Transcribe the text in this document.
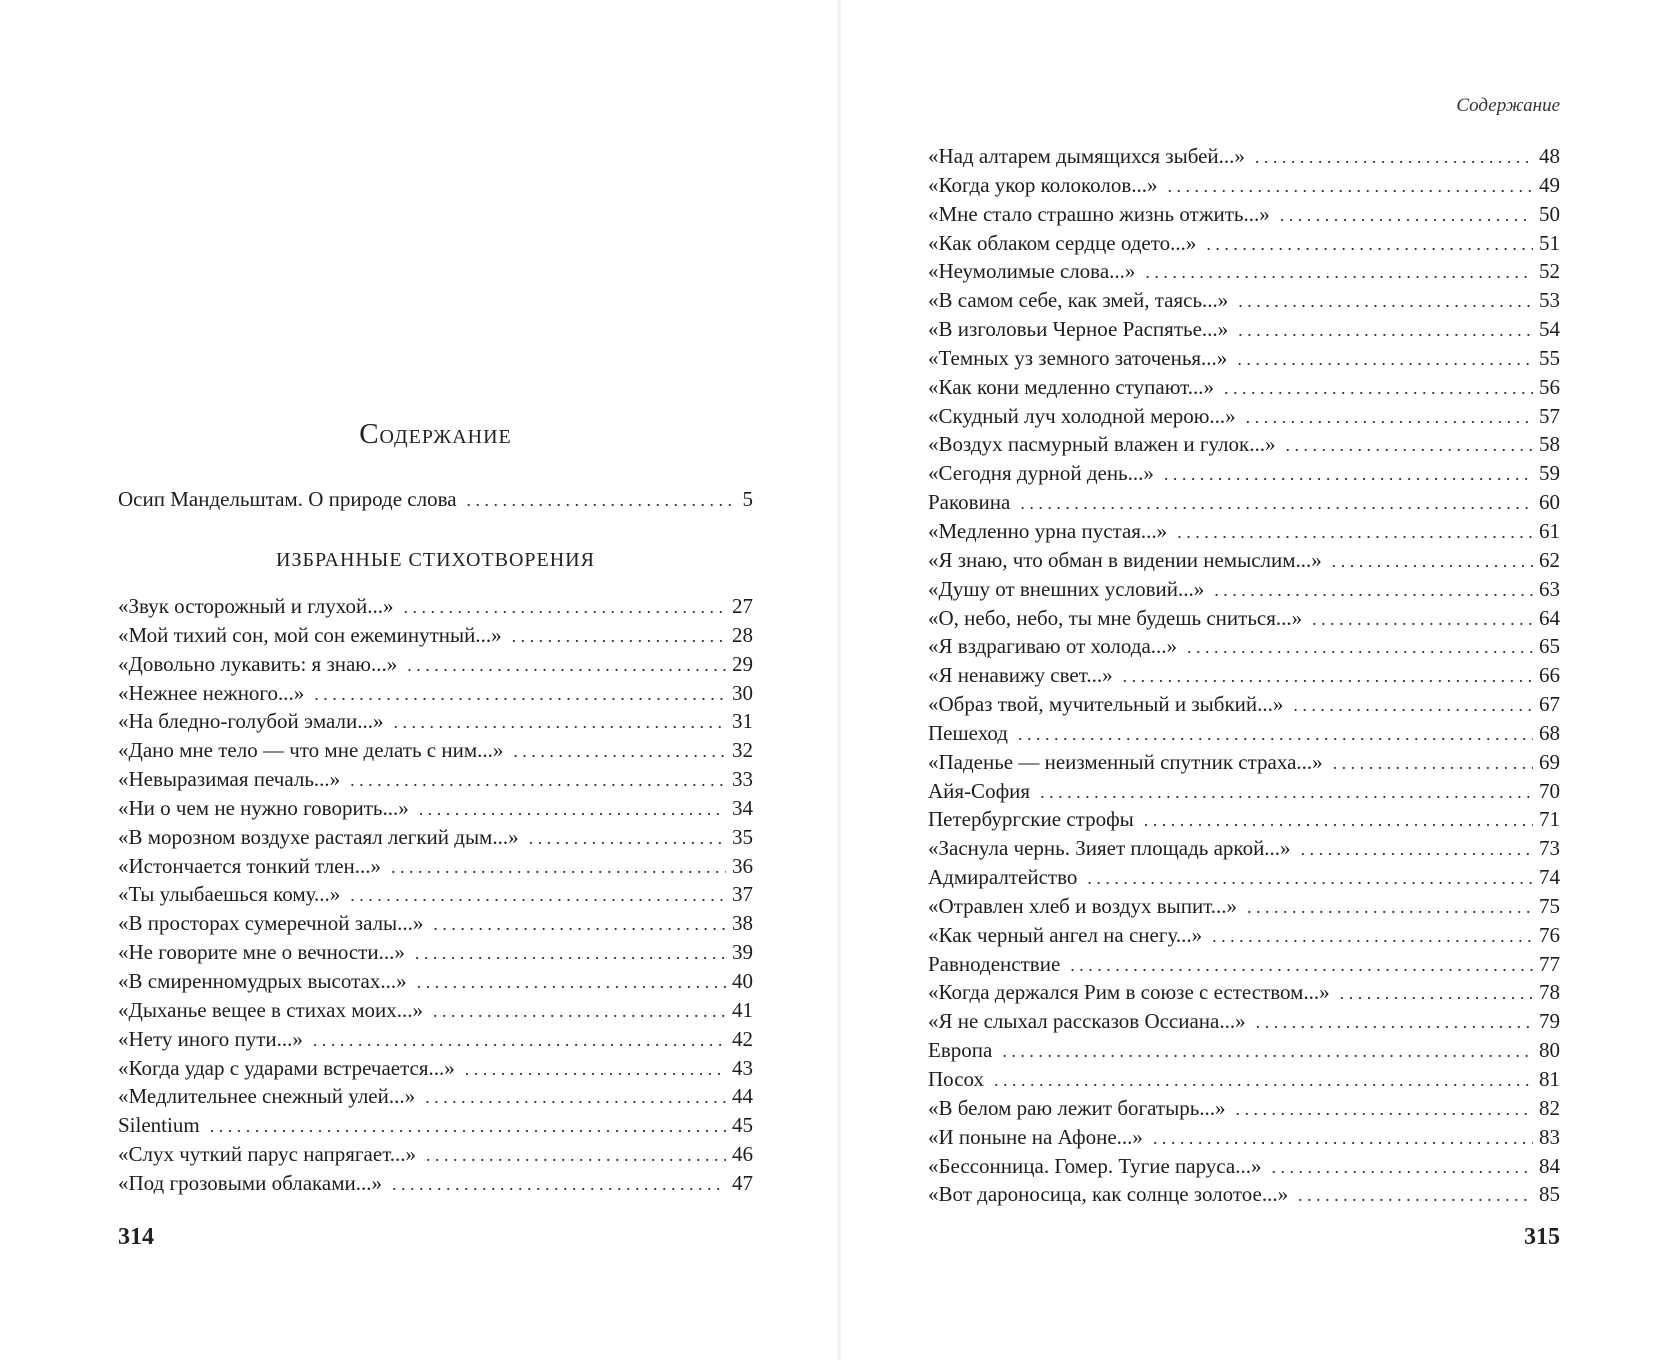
Содержание
Содержание
Осип Мандельштам. О природе слова . . .	5
ИЗБРАННЫЕ СТИХОТВОРЕНИЯ
«Звук осторожный и глухой...» . . .	27
«Мой тихий сон, мой сон ежеминутный...» . . .	28
«Довольно лукавить: я знаю...» . . .	29
«Нежнее нежного...» . . .	30
«На бледно-голубой эмали...» . . .	31
«Дано мне тело — что мне делать с ним...» . . .	32
«Невыразимая печаль...» . . .	33
«Ни о чем не нужно говорить...» . . .	34
«В морозном воздухе растаял легкий дым...» . . .	35
«Истончается тонкий тлен...» . . .	36
«Ты улыбаешься кому...» . . .	37
«В просторах сумеречной залы...» . . .	38
«Не говорите мне о вечности...» . . .	39
«В смиренномудрых высотах...» . . .	40
«Дыханье вещее в стихах моих...» . . .	41
«Нету иного пути...» . . .	42
«Когда удар с ударами встречается...» . . .	43
«Медлительнее снежный улей...» . . .	44
Silentium . . .	45
«Слух чуткий парус напрягает...» . . .	46
«Под грозовыми облаками...» . . .	47
«Над алтарем дымящихся зыбей...» . . .	48
«Когда укор колоколов...» . . .	49
«Мне стало страшно жизнь отжить...» . . .	50
«Как облаком сердце одето...» . . .	51
«Неумолимые слова...» . . .	52
«В самом себе, как змей, таясь...» . . .	53
«В изголовьи Черное Распятье...» . . .	54
«Темных уз земного заточенья...» . . .	55
«Как кони медленно ступают...» . . .	56
«Скудный луч холодной мерою...» . . .	57
«Воздух пасмурный влажен и гулок...» . . .	58
«Сегодня дурной день...» . . .	59
Раковина . . .	60
«Медленно урна пустая...» . . .	61
«Я знаю, что обман в видении немыслим...» . . .	62
«Душу от внешних условий...» . . .	63
«О, небо, небо, ты мне будешь сниться...» . . .	64
«Я вздрагиваю от холода...» . . .	65
«Я ненавижу свет...» . . .	66
«Образ твой, мучительный и зыбкий...» . . .	67
Пешеход . . .	68
«Паденье — неизменный спутник страха...» . . .	69
Айя-София . . .	70
Петербургские строфы . . .	71
«Заснула чернь. Зияет площадь аркой...» . . .	73
Адмиралтейство . . .	74
«Отравлен хлеб и воздух выпит...» . . .	75
«Как черный ангел на снегу...» . . .	76
Равноденствие . . .	77
«Когда держался Рим в союзе с естеством...» . . .	78
«Я не слыхал рассказов Оссиана...» . . .	79
Европа . . .	80
Посох . . .	81
«В белом раю лежит богатырь...» . . .	82
«И поныне на Афоне...» . . .	83
«Бессонница. Гомер. Тугие паруса...» . . .	84
«Вот дароносица, как солнце золотое...» . . .	85
314	315
